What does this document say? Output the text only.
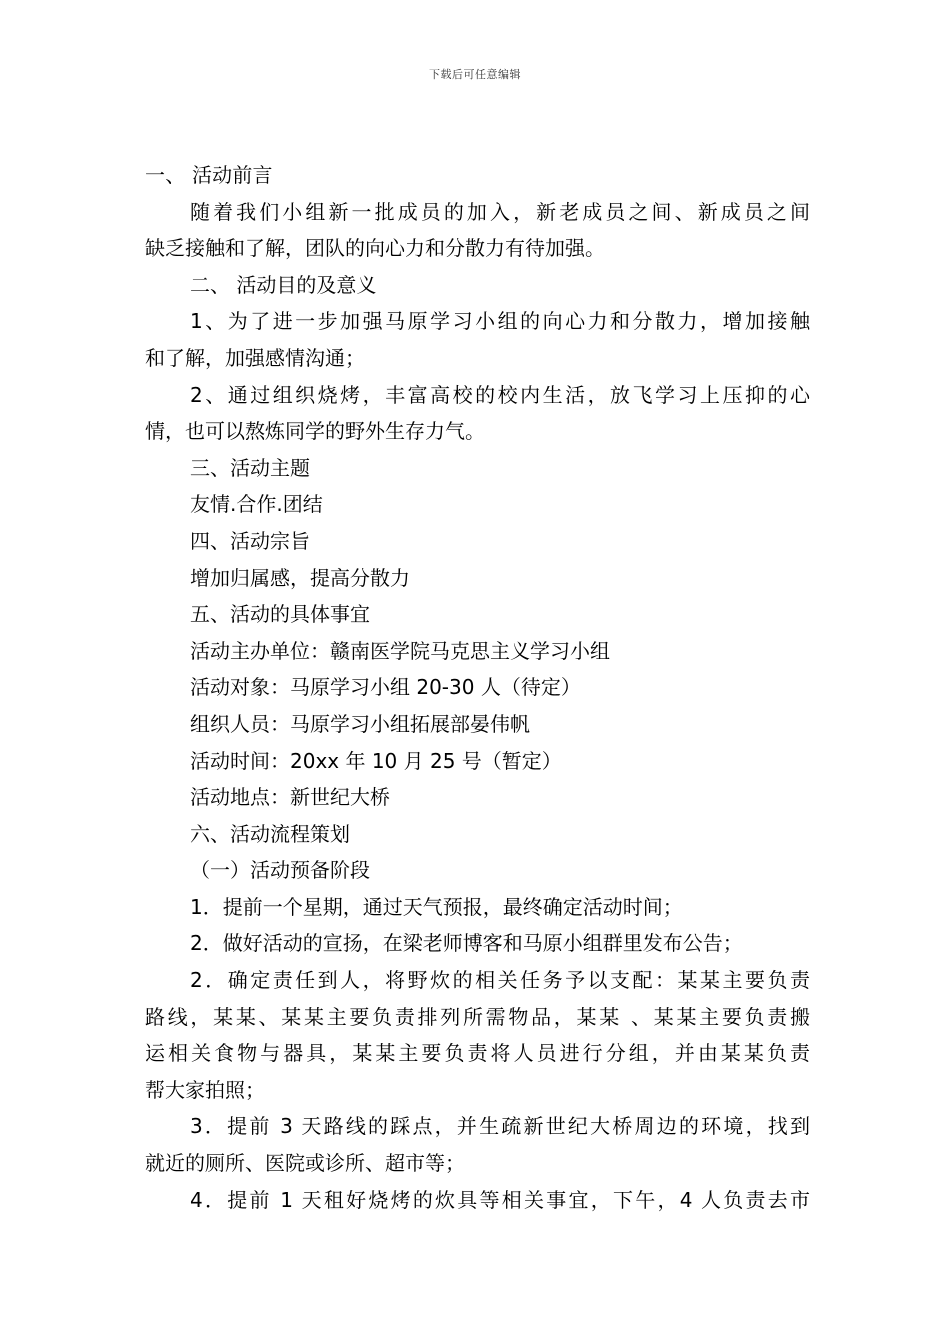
下载后可任意编辑
一、 活动前言
随着我们小组新一批成员的加入，新老成员之间、新成员之间
缺乏接触和了解，团队的向心力和分散力有待加强。
二、 活动目的及意义
1、为了进一步加强马原学习小组的向心力和分散力，增加接触
和了解，加强感情沟通；
2、通过组织烧烤，丰富高校的校内生活，放飞学习上压抑的心
情，也可以熬炼同学的野外生存力气。
三、活动主题
友情.合作.团结
四、活动宗旨
增加归属感，提高分散力
五、活动的具体事宜
活动主办单位：赣南医学院马克思主义学习小组
活动对象：马原学习小组 20-30 人（待定）
组织人员：马原学习小组拓展部晏伟帆
活动时间：20xx 年 10 月 25 号（暂定）
活动地点：新世纪大桥
六、活动流程策划
（一）活动预备阶段
1．提前一个星期，通过天气预报，最终确定活动时间；
2．做好活动的宣扬，在梁老师博客和马原小组群里发布公告；
2．确定责任到人，将野炊的相关任务予以支配：某某主要负责
路线，某某、某某主要负责排列所需物品，某某 、某某主要负责搬
运相关食物与器具，某某主要负责将人员进行分组，并由某某负责
帮大家拍照；
3．提前 3 天路线的踩点，并生疏新世纪大桥周边的环境，找到
就近的厕所、医院或诊所、超市等；
4．提前 1 天租好烧烤的炊具等相关事宜，下午，4 人负责去市
